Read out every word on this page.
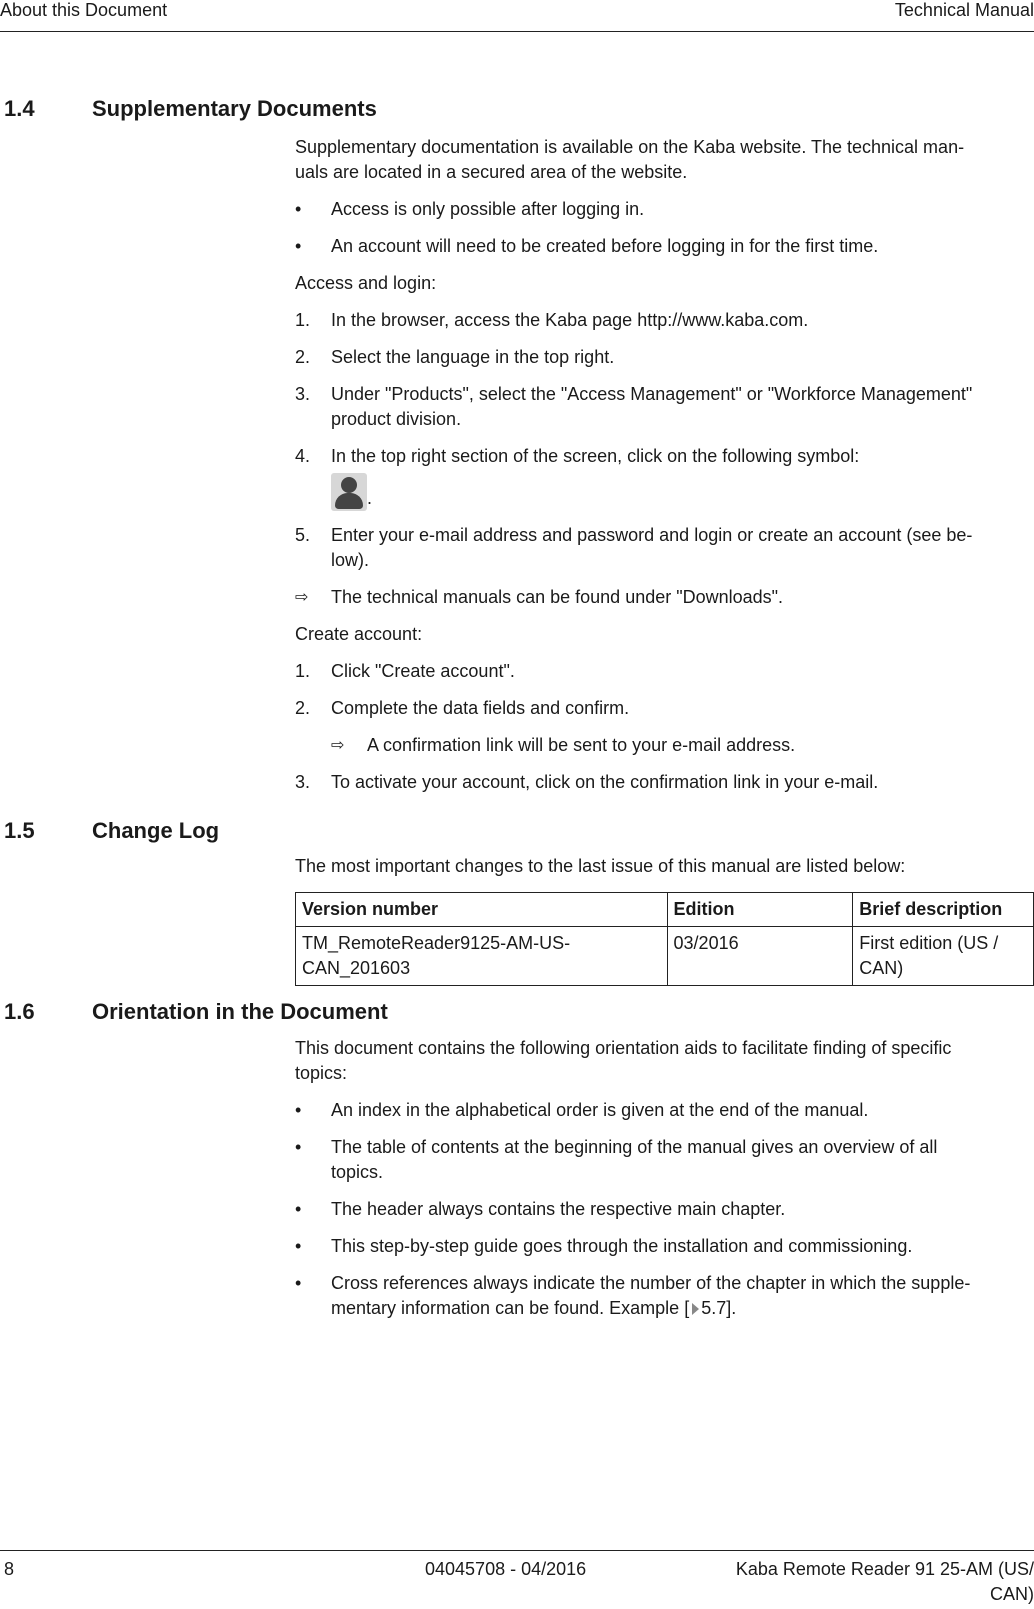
About this Document	Technical Manual
1.4	Supplementary Documents

Supplementary documentation is available on the Kaba website. The technical man-
uals are located in a secured area of the website.

• Access is only possible after logging in.
• An account will need to be created before logging in for the first time.

Access and login:

1. In the browser, access the Kaba page http://www.kaba.com.
2. Select the language in the top right.
3. Under "Products", select the "Access Management" or "Workforce Management"
product division.
4. In the top right section of the screen, click on the following symbol:

.
5. Enter your e-mail address and password and login or create an account (see be-
low).
⇨ The technical manuals can be found under "Downloads".

Create account:

1. Click "Create account".
2. Complete the data fields and confirm.
⇨ A confirmation link will be sent to your e-mail address.
3. To activate your account, click on the confirmation link in your e-mail.
1.5	Change Log
The most important changes to the last issue of this manual are listed below:
Version number	Edition	Brief description
TM_RemoteReader9125-AM-US-
CAN_201603	03/2016	First edition (US /
CAN)
1.6	Orientation in the Document

This document contains the following orientation aids to facilitate finding of specific
topics:

• An index in the alphabetical order is given at the end of the manual.
• The table of contents at the beginning of the manual gives an overview of all
topics.
• The header always contains the respective main chapter.
• This step-by-step guide goes through the installation and commissioning.
• Cross references always indicate the number of the chapter in which the supple-
mentary information can be found. Example [ 5.7].
8	04045708 - 04/2016	Kaba Remote Reader 91 25-AM (US/
CAN)
